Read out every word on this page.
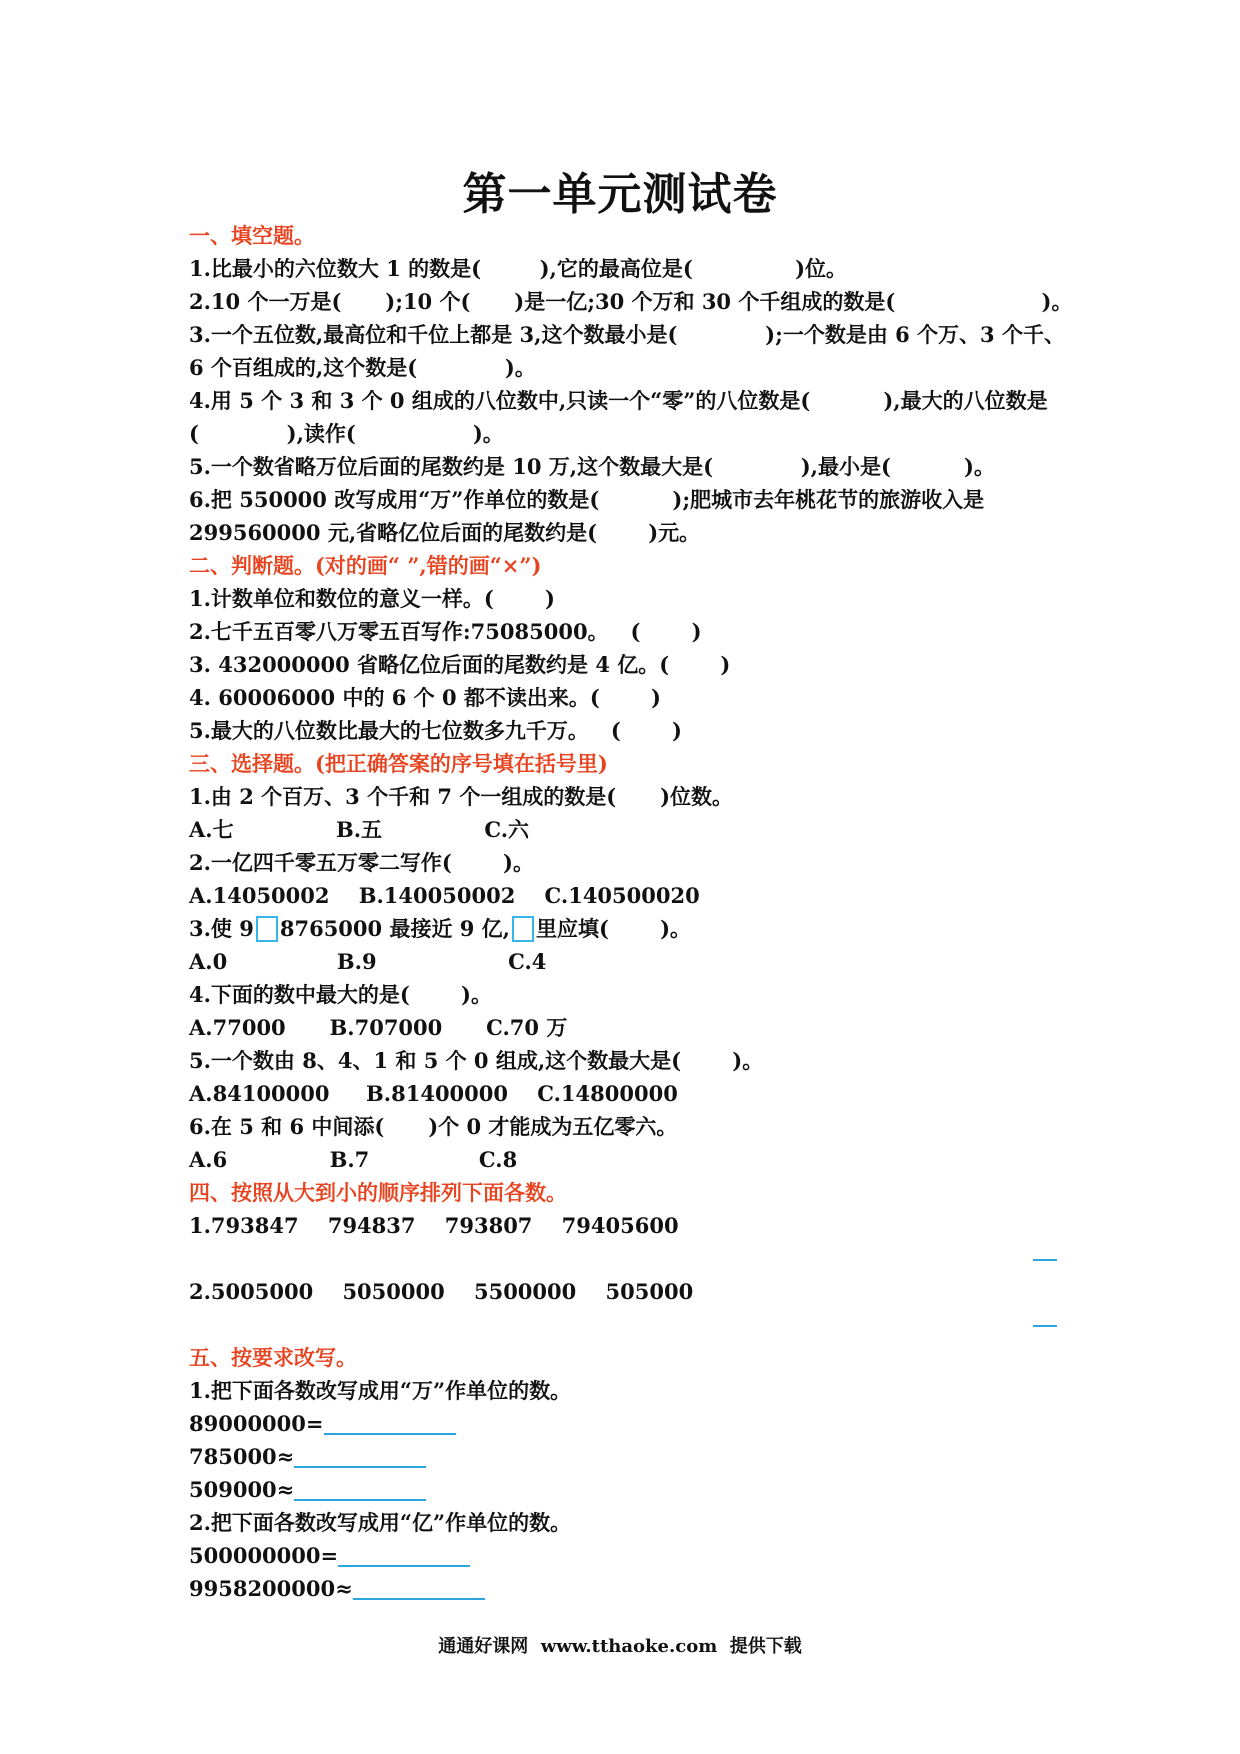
第一单元测试卷
一、填空题。
1.比最小的六位数大 1 的数是(        ),它的最高位是(              )位。
2.10 个一万是(      );10 个(      )是一亿;30 个万和 30 个千组成的数是(                    )。
3.一个五位数,最高位和千位上都是 3,这个数最小是(            );一个数是由 6 个万、3 个千、
6 个百组成的,这个数是(            )。
4.用 5 个 3 和 3 个 0 组成的八位数中,只读一个“零”的八位数是(          ),最大的八位数是
(            ),读作(                )。
5.一个数省略万位后面的尾数约是 10 万,这个数最大是(            ),最小是(          )。
6.把 550000 改写成用“万”作单位的数是(          );肥城市去年桃花节的旅游收入是
299560000 元,省略亿位后面的尾数约是(       )元。
二、判断题。(对的画“ ”,错的画“×”)
1.计数单位和数位的意义一样。(       )
2.七千五百零八万零五百写作:75085000。   (       )
3. 432000000 省略亿位后面的尾数约是 4 亿。(       )
4. 60006000 中的 6 个 0 都不读出来。(       )
5.最大的八位数比最大的七位数多九千万。   (       )
三、选择题。(把正确答案的序号填在括号里)
1.由 2 个百万、3 个千和 7 个一组成的数是(      )位数。
A.七              B.五              C.六
2.一亿四千零五万零二写作(       )。
A.14050002    B.140050002    C.140500020
3.使 9 8765000 最接近 9 亿, 里应填(       )。
A.0               B.9                  C.4
4.下面的数中最大的是(       )。
A.77000      B.707000      C.70 万
5.一个数由 8、4、1 和 5 个 0 组成,这个数最大是(       )。
A.84100000     B.81400000    C.14800000
6.在 5 和 6 中间添(      )个 0 才能成为五亿零六。
A.6              B.7               C.8
四、按照从大到小的顺序排列下面各数。
1.793847    794837    793807    79405600
2.5005000    5050000    5500000    505000
五、按要求改写。
1.把下面各数改写成用“万”作单位的数。
89000000=
785000≈
509000≈
2.把下面各数改写成用“亿”作单位的数。
500000000=
9958200000≈
通通好课网  www.tthaoke.com  提供下载
